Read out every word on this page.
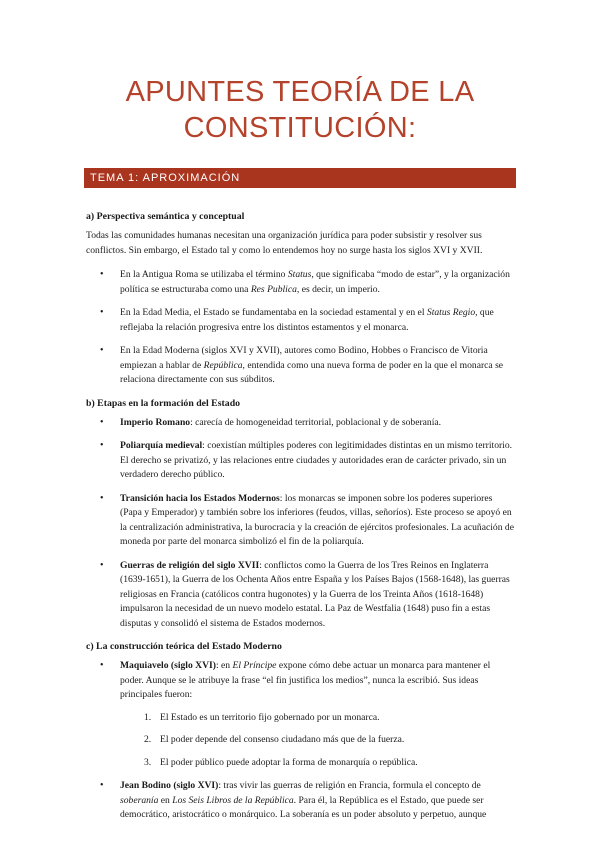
APUNTES TEORÍA DE LA
CONSTITUCIÓN:
TEMA 1: APROXIMACIÓN
a) Perspectiva semántica y conceptual

Todas las comunidades humanas necesitan una organización jurídica para poder subsistir y resolver sus conflictos. Sin embargo, el Estado tal y como lo entendemos hoy no surge hasta los siglos XVI y XVII.

• En la Antigua Roma se utilizaba el término Status, que significaba “modo de estar”, y la organización política se estructuraba como una Res Publica, es decir, un imperio.
• En la Edad Media, el Estado se fundamentaba en la sociedad estamental y en el Status Regio, que reflejaba la relación progresiva entre los distintos estamentos y el monarca.
• En la Edad Moderna (siglos XVI y XVII), autores como Bodino, Hobbes o Francisco de Vitoria empiezan a hablar de República, entendida como una nueva forma de poder en la que el monarca se relaciona directamente con sus súbditos.
b) Etapas en la formación del Estado
• Imperio Romano: carecía de homogeneidad territorial, poblacional y de soberanía.
• Poliarquía medieval: coexistían múltiples poderes con legitimidades distintas en un mismo territorio. El derecho se privatizó, y las relaciones entre ciudades y autoridades eran de carácter privado, sin un verdadero derecho público.
• Transición hacia los Estados Modernos: los monarcas se imponen sobre los poderes superiores (Papa y Emperador) y también sobre los inferiores (feudos, villas, señoríos). Este proceso se apoyó en la centralización administrativa, la burocracia y la creación de ejércitos profesionales. La acuñación de moneda por parte del monarca simbolizó el fin de la poliarquía.
• Guerras de religión del siglo XVII: conflictos como la Guerra de los Tres Reinos en Inglaterra (1639-1651), la Guerra de los Ochenta Años entre España y los Países Bajos (1568-1648), las guerras religiosas en Francia (católicos contra hugonotes) y la Guerra de los Treinta Años (1618-1648) impulsaron la necesidad de un nuevo modelo estatal. La Paz de Westfalia (1648) puso fin a estas disputas y consolidó el sistema de Estados modernos.
c) La construcción teórica del Estado Moderno
• Maquiavelo (siglo XVI): en El Príncipe expone cómo debe actuar un monarca para mantener el poder. Aunque se le atribuye la frase “el fin justifica los medios”, nunca la escribió. Sus ideas principales fueron:
1. El Estado es un territorio fijo gobernado por un monarca.
2. El poder depende del consenso ciudadano más que de la fuerza.
3. El poder público puede adoptar la forma de monarquía o república.
• Jean Bodino (siglo XVI): tras vivir las guerras de religión en Francia, formula el concepto de soberanía en Los Seis Libros de la República. Para él, la República es el Estado, que puede ser democrático, aristocrático o monárquico. La soberanía es un poder absoluto y perpetuo, aunque
